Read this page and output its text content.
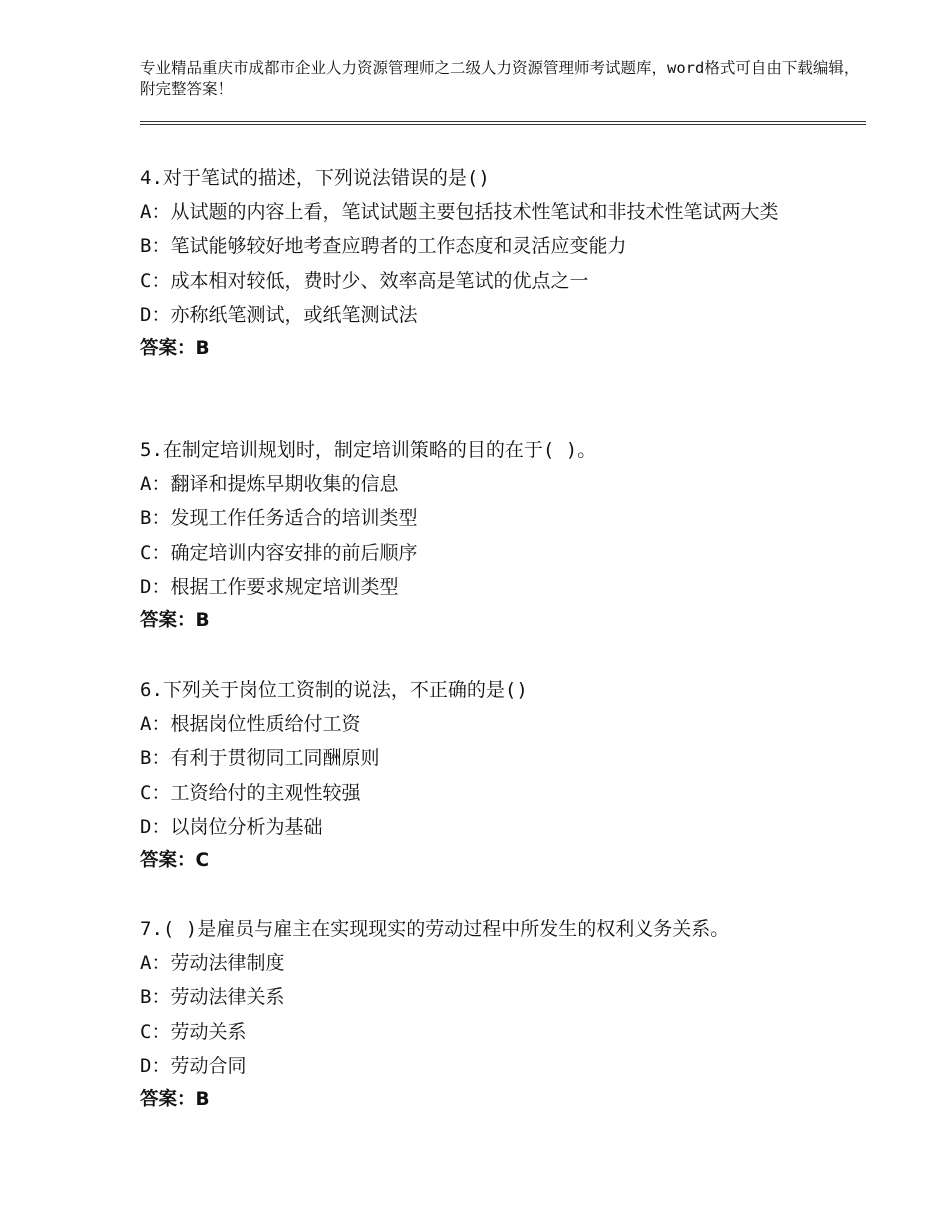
专业精品重庆市成都市企业人力资源管理师之二级人力资源管理师考试题库，word格式可自由下载编辑，附完整答案！
4.对于笔试的描述，下列说法错误的是()
A：从试题的内容上看，笔试试题主要包括技术性笔试和非技术性笔试两大类
B：笔试能够较好地考查应聘者的工作态度和灵活应变能力
C：成本相对较低，费时少、效率高是笔试的优点之一
D：亦称纸笔测试，或纸笔测试法
答案：B
5.在制定培训规划时，制定培训策略的目的在于( )。
A：翻译和提炼早期收集的信息
B：发现工作任务适合的培训类型
C：确定培训内容安排的前后顺序
D：根据工作要求规定培训类型
答案：B
6.下列关于岗位工资制的说法，不正确的是()
A：根据岗位性质给付工资
B：有利于贯彻同工同酬原则
C：工资给付的主观性较强
D：以岗位分析为基础
答案：C
7.( )是雇员与雇主在实现现实的劳动过程中所发生的权利义务关系。
A：劳动法律制度
B：劳动法律关系
C：劳动关系
D：劳动合同
答案：B
